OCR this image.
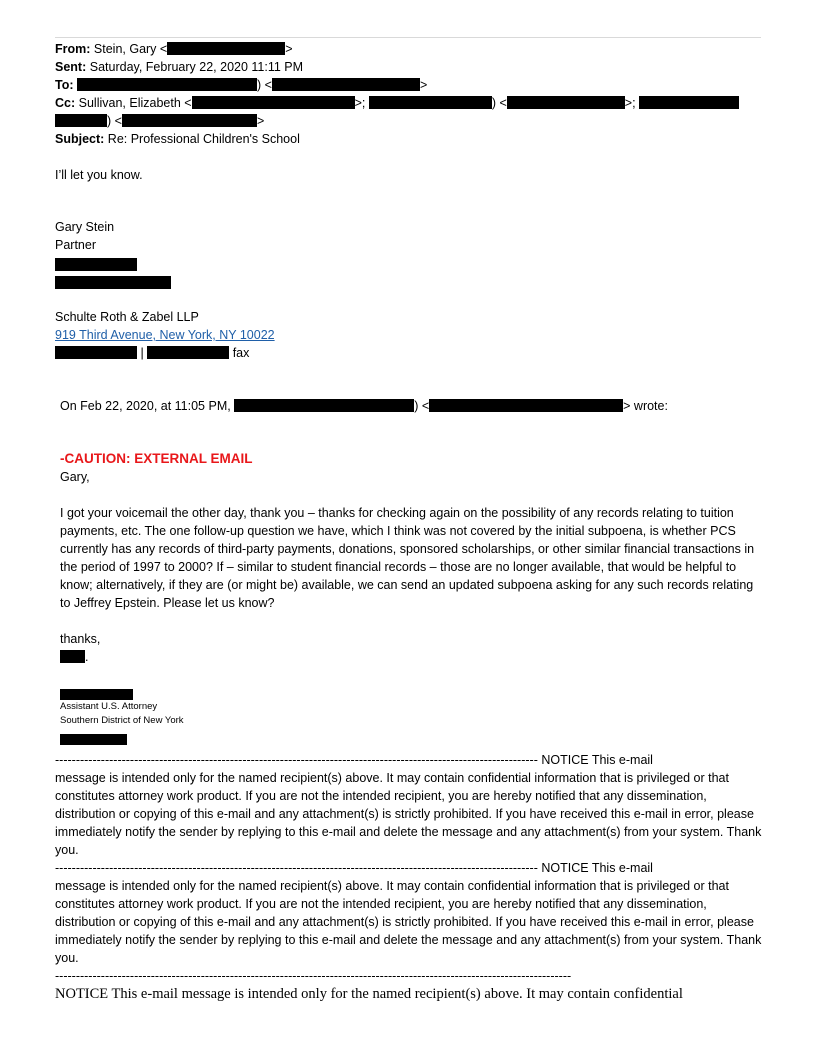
From: Stein, Gary <	>
Sent: Saturday, February 22, 2020 11:11 PM
To:	) <	>
Cc: Sullivan, Elizabeth <	>;	) <	>;
) <	>
Subject: Re: Professional Children's School
I’ll let you know.
Gary Stein
Partner
Schulte Roth & Zabel LLP
919 Third Avenue, New York, NY 10022
|	fax
On Feb 22, 2020, at 11:05 PM,	) <	> wrote:
-CAUTION: EXTERNAL EMAIL
Gary,
I got your voicemail the other day, thank you – thanks for checking again on the possibility of any records relating to tuition payments, etc. The one follow-up question we have, which I think was not covered by the initial subpoena, is whether PCS currently has any records of third-party payments, donations, sponsored scholarships, or other similar financial transactions in the period of 1997 to 2000? If – similar to student financial records – those are no longer available, that would be helpful to know; alternatively, if they are (or might be) available, we can send an updated subpoena asking for any such records relating to Jeffrey Epstein. Please let us know?
thanks,
.
Assistant U.S. Attorney
Southern District of New York
-------------------------------------------------------------------------------------------------------------------- NOTICE This e-mail
message is intended only for the named recipient(s) above. It may contain confidential information that is privileged or that constitutes attorney work product. If you are not the intended recipient, you are hereby notified that any dissemination, distribution or copying of this e-mail and any attachment(s) is strictly prohibited. If you have received this e-mail in error, please immediately notify the sender by replying to this e-mail and delete the message and any attachment(s) from your system. Thank you.
-------------------------------------------------------------------------------------------------------------------- NOTICE This e-mail
message is intended only for the named recipient(s) above. It may contain confidential information that is privileged or that constitutes attorney work product. If you are not the intended recipient, you are hereby notified that any dissemination, distribution or copying of this e-mail and any attachment(s) is strictly prohibited. If you have received this e-mail in error, please immediately notify the sender by replying to this e-mail and delete the message and any attachment(s) from your system. Thank you.
----------------------------------------------------------------------------------------------------------------------------
NOTICE This e-mail message is intended only for the named recipient(s) above. It may contain confidential
